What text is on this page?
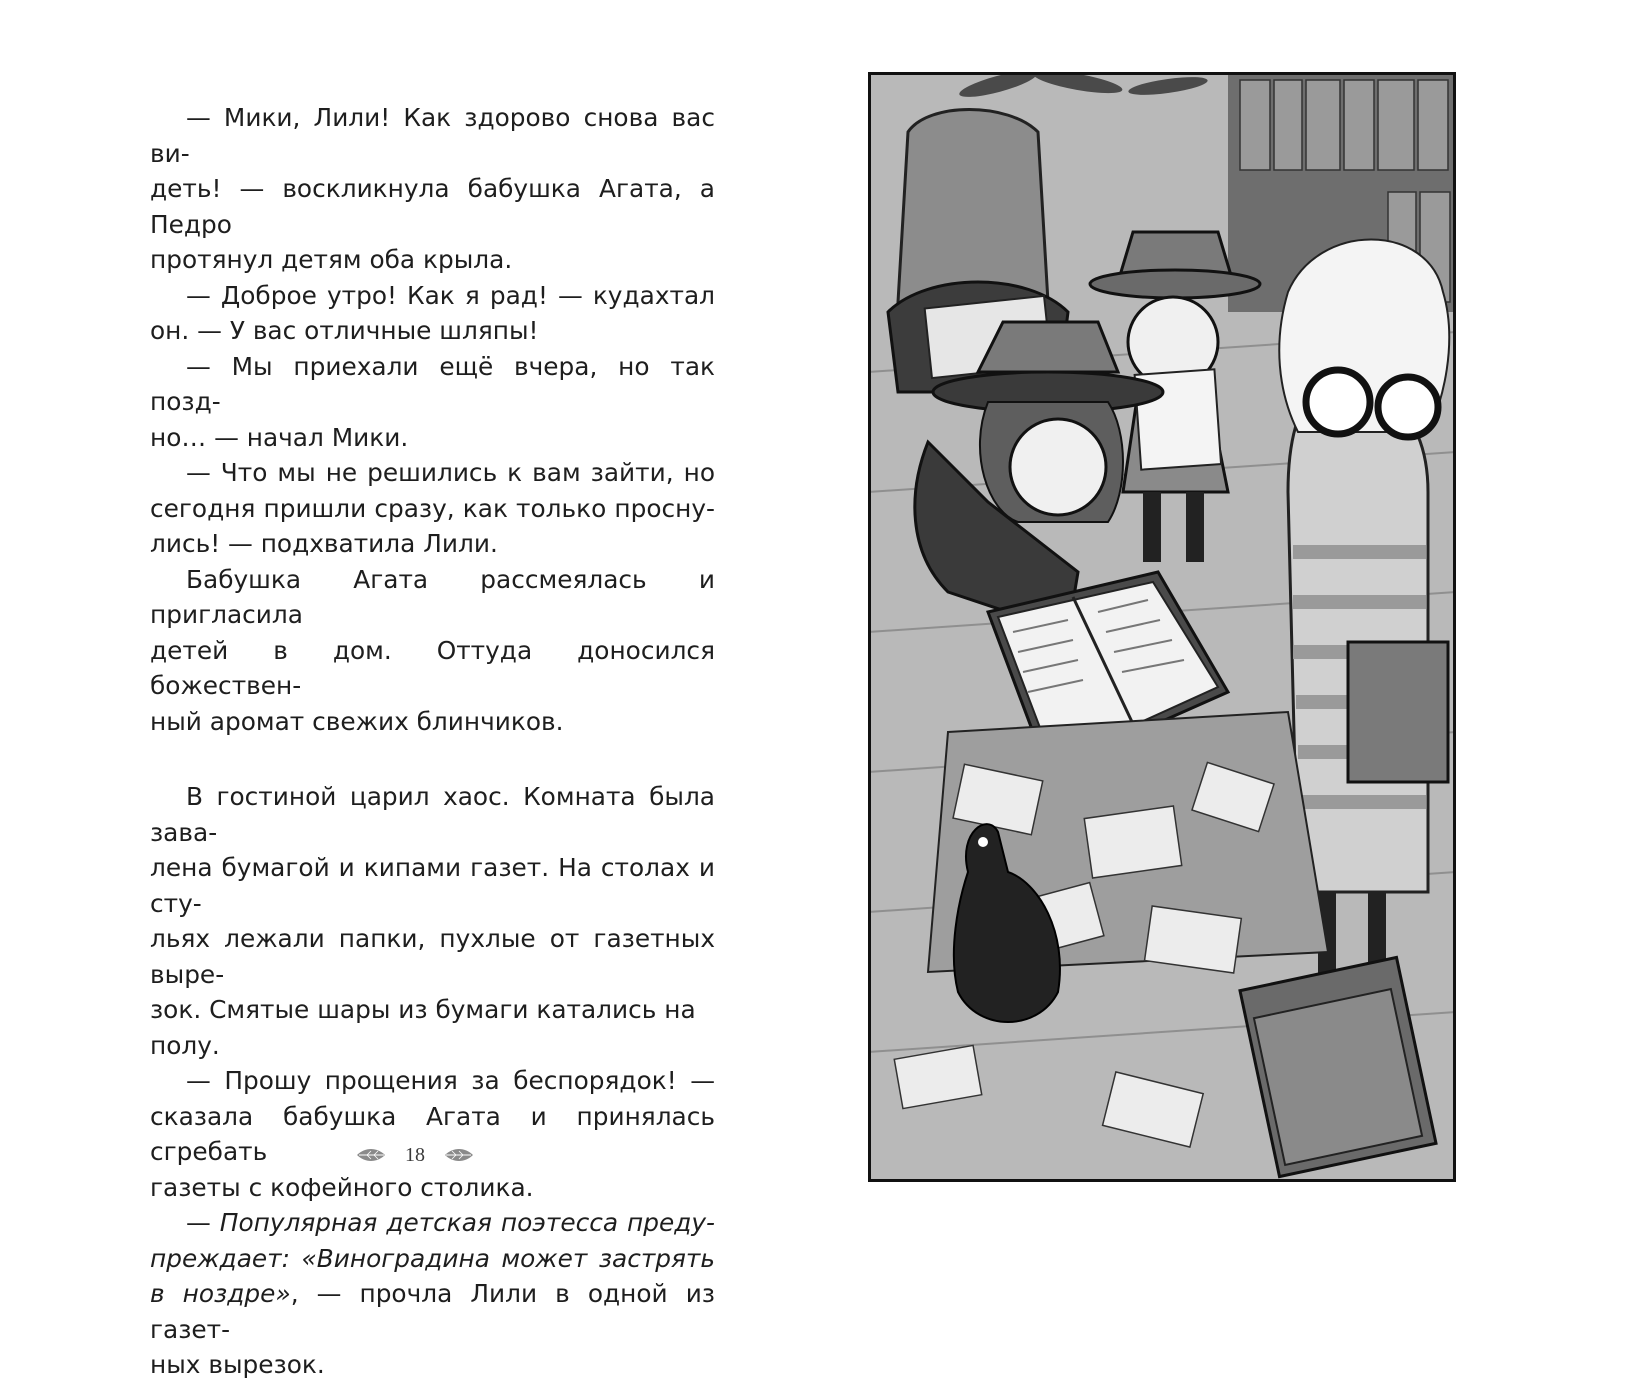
— Мики, Лили! Как здорово снова вас ви-

деть! — воскликнула бабушка Агата, а Педро

протянул детям оба крыла.

— Доброе утро! Как я рад! — кудахтал

он. — У вас отличные шляпы!

— Мы приехали ещё вчера, но так позд-

но… — начал Мики.

— Что мы не решились к вам зайти, но

сегодня пришли сразу, как только просну-

лись! — подхватила Лили.

Бабушка Агата рассмеялась и пригласила

детей в дом. Оттуда доносился божествен-

ный аромат свежих блинчиков.

В гостиной царил хаос. Комната была зава-

лена бумагой и кипами газет. На столах и сту-

льях лежали папки, пухлые от газетных выре-

зок. Смятые шары из бумаги катались на полу.

— Прошу прощения за беспорядок! —

сказала бабушка Агата и принялась сгребать

газеты с кофейного столика.

— Популярная детская поэтесса преду-

преждает: «Виноградина может застрять

в ноздре», — прочла Лили в одной из газет-

ных вырезок.

18
